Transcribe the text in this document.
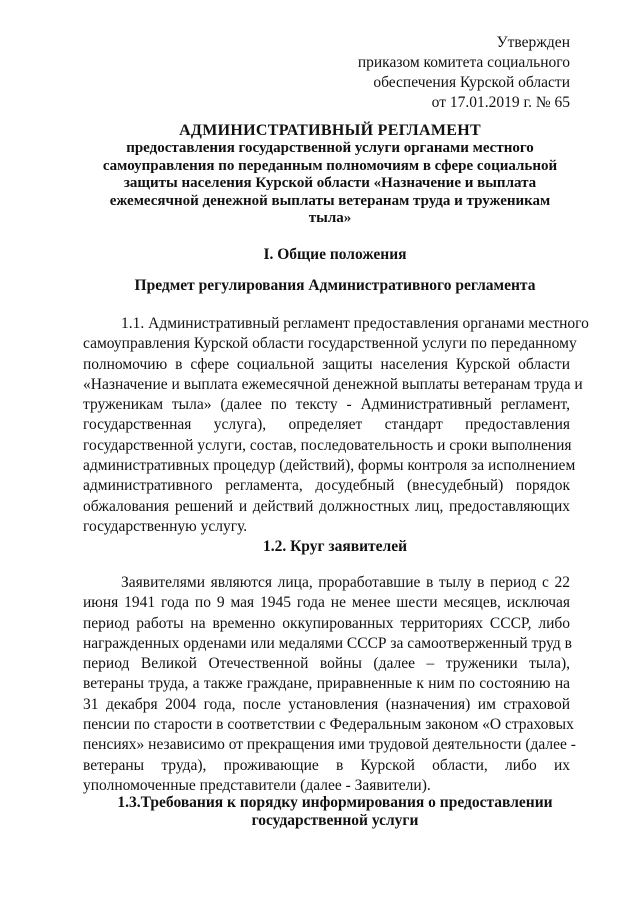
Утвержден
приказом комитета социального
обеспечения Курской области
от 17.01.2019 г. № 65
АДМИНИСТРАТИВНЫЙ РЕГЛАМЕНТ
предоставления государственной услуги органами местного
самоуправления по переданным полномочиям в сфере социальной
защиты населения Курской области «Назначение и выплата
ежемесячной денежной выплаты ветеранам труда и труженикам
тыла»
I. Общие положения
Предмет регулирования Административного регламента
1.1. Административный регламент предоставления органами местного
самоуправления Курской области государственной услуги по переданному
полномочию в сфере социальной защиты населения Курской области
«Назначение и выплата ежемесячной денежной выплаты ветеранам труда и
труженикам тыла» (далее по тексту - Административный регламент,
государственная услуга), определяет стандарт предоставления
государственной услуги, состав, последовательность и сроки выполнения
административных процедур (действий), формы контроля за исполнением
административного регламента, досудебный (внесудебный) порядок
обжалования решений и действий должностных лиц, предоставляющих
государственную услугу.
1.2. Круг заявителей
Заявителями являются лица, проработавшие в тылу в период с 22
июня 1941 года по 9 мая 1945 года не менее шести месяцев, исключая
период работы на временно оккупированных территориях СССР, либо
награжденных орденами или медалями СССР за самоотверженный труд в
период Великой Отечественной войны (далее – труженики тыла),
ветераны труда, а также граждане, приравненные к ним по состоянию на
31 декабря 2004 года, после установления (назначения) им страховой
пенсии по старости в соответствии с Федеральным законом «О страховых
пенсиях» независимо от прекращения ими трудовой деятельности (далее -
ветераны труда), проживающие в Курской области, либо их
уполномоченные представители (далее - Заявители).
1.3.Требования к порядку информирования о предоставлении
государственной услуги
